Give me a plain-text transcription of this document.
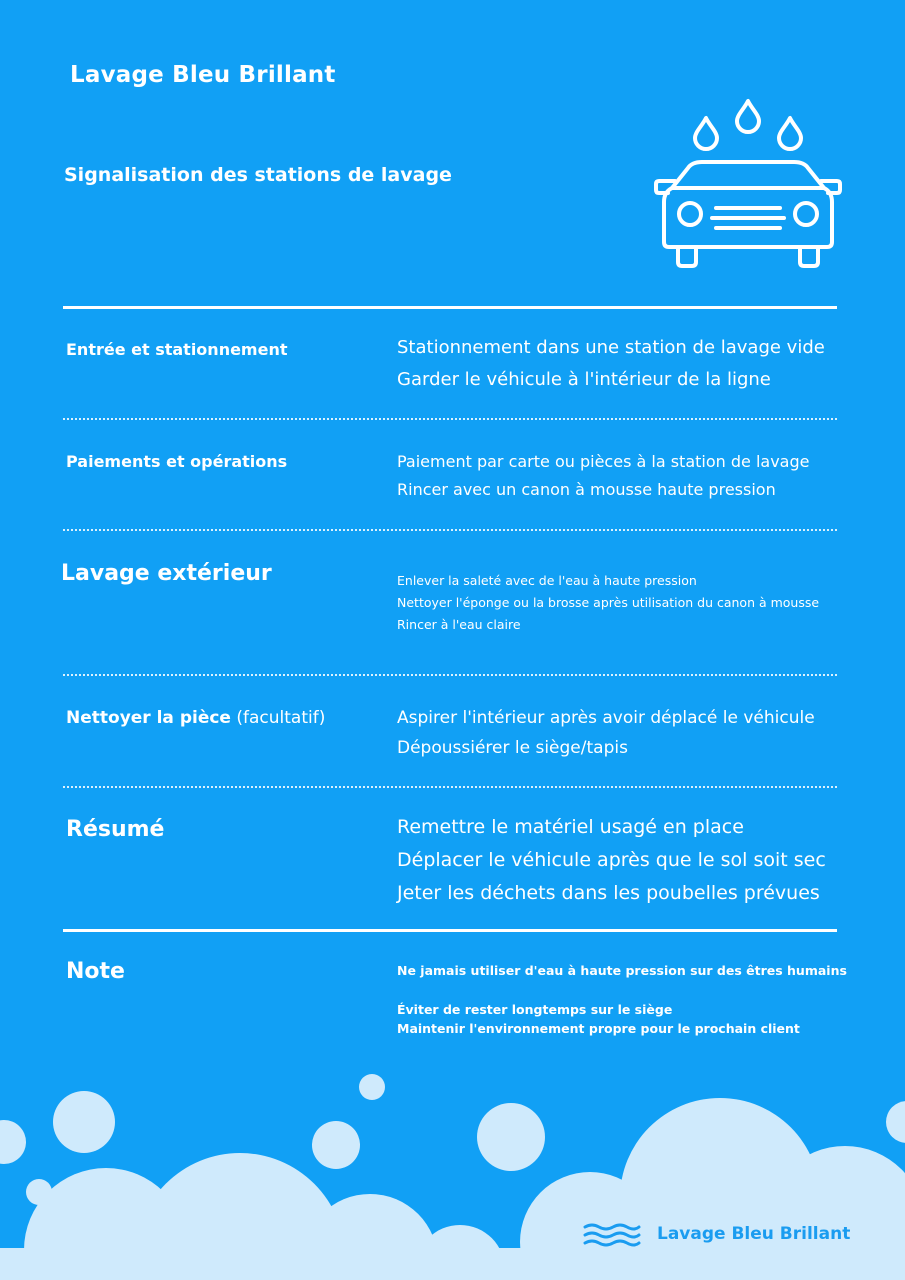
Lavage Bleu Brillant
Signalisation des stations de lavage
Entrée et stationnement	Stationnement dans une station de lavage vide
Garder le véhicule à l'intérieur de la ligne
Paiements et opérations	Paiement par carte ou pièces à la station de lavage
Rincer avec un canon à mousse haute pression
Lavage extérieur	Enlever la saleté avec de l'eau à haute pression
Nettoyer l'éponge ou la brosse après utilisation du canon à mousse
Rincer à l'eau claire
Nettoyer la pièce (facultatif)	Aspirer l'intérieur après avoir déplacé le véhicule
Dépoussiérer le siège/tapis
Résumé	Remettre le matériel usagé en place
Déplacer le véhicule après que le sol soit sec
Jeter les déchets dans les poubelles prévues
Note	Ne jamais utiliser d'eau à haute pression sur des êtres humains
Éviter de rester longtemps sur le siège
Maintenir l'environnement propre pour le prochain client
Lavage Bleu Brillant
